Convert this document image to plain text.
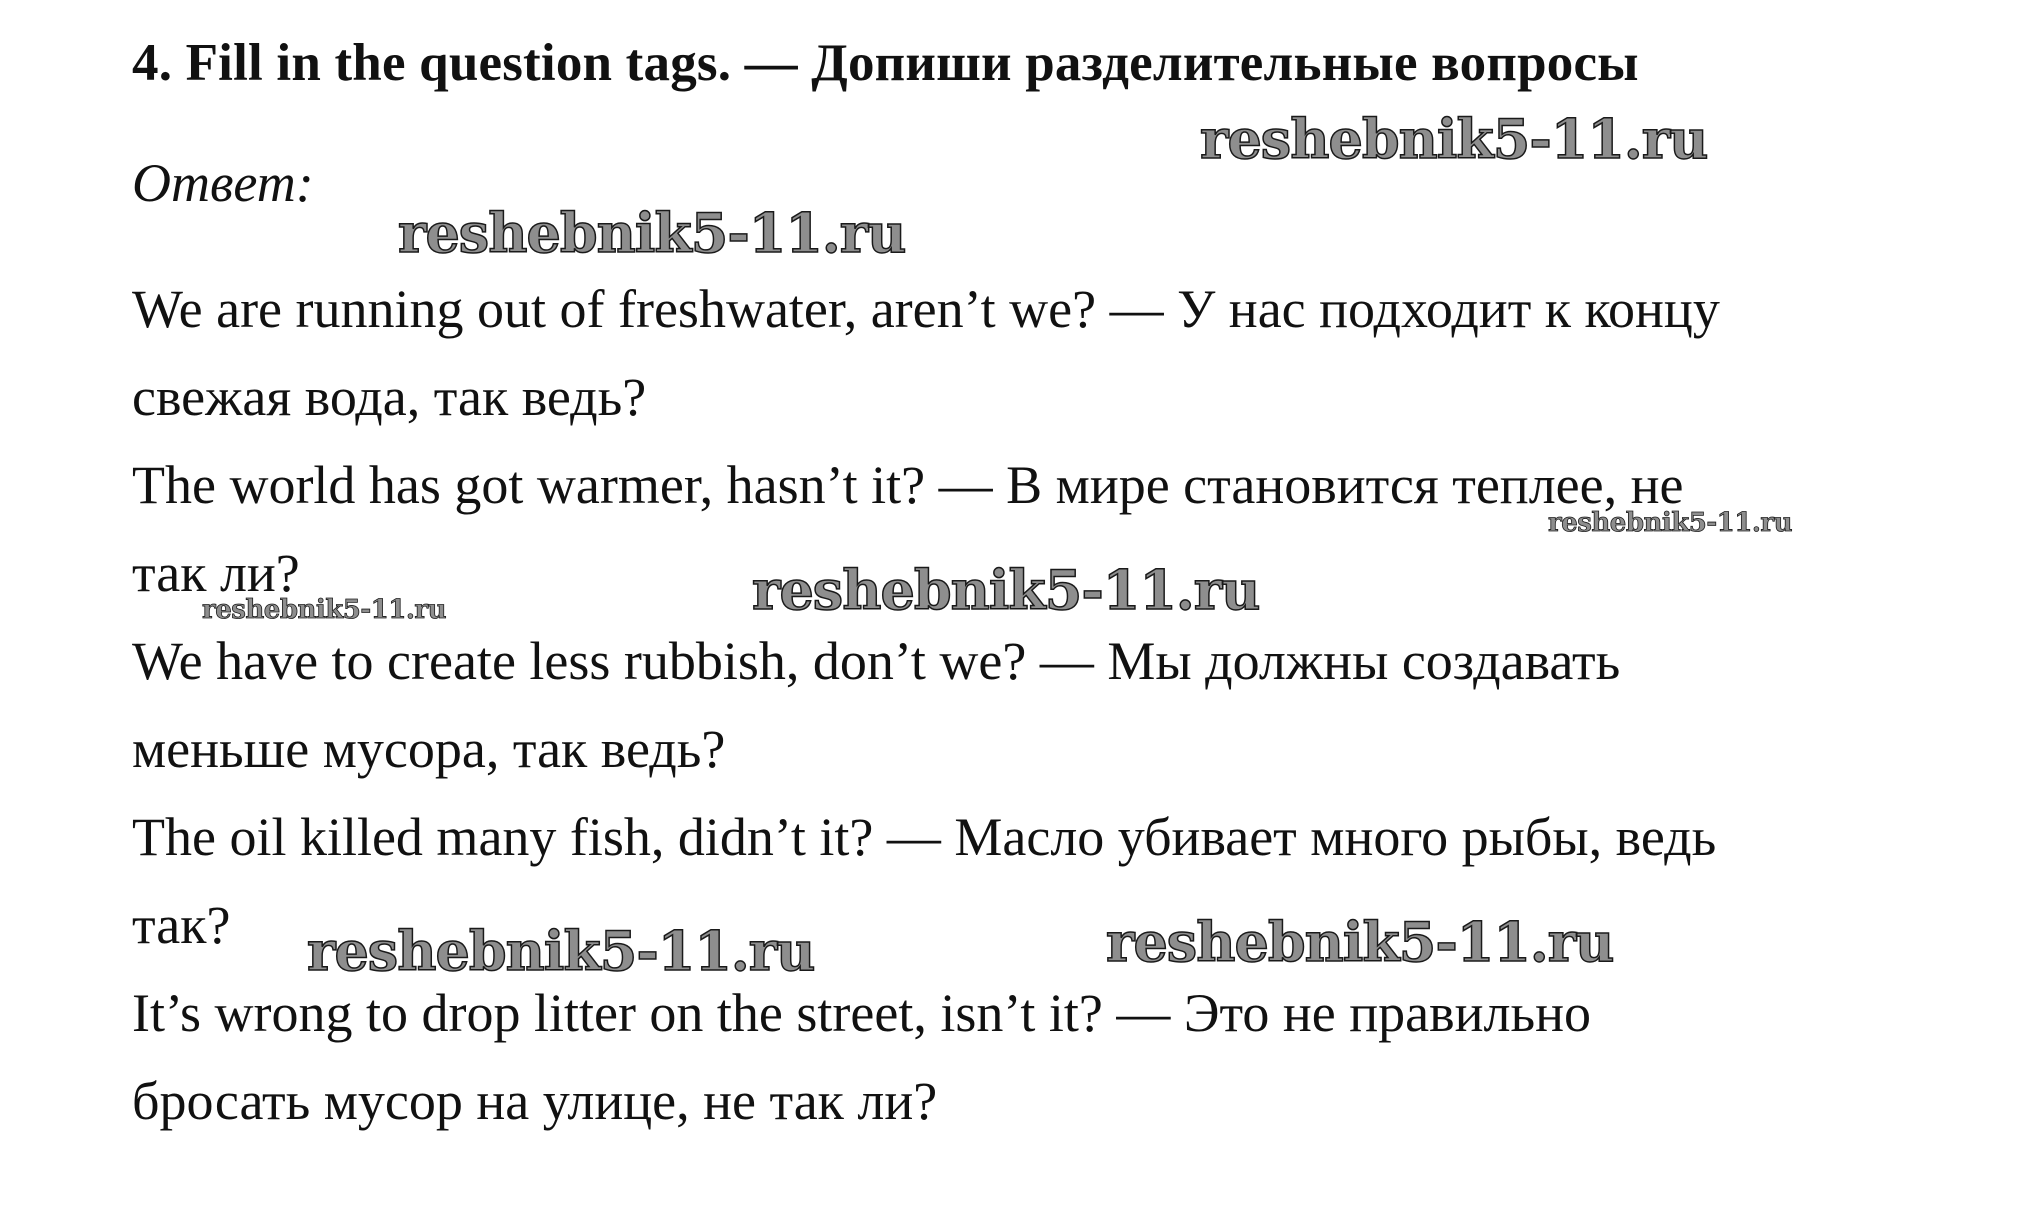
4. Fill in the question tags. — Допиши разделительные вопросы

Ответ:

We are running out of freshwater, aren’t we? — У нас подходит к концу
свежая вода, так ведь?

The world has got warmer, hasn’t it? — В мире становится теплее, не
так ли?

We have to create less rubbish, don’t we? — Мы должны создавать
меньше мусора, так ведь?

The oil killed many fish, didn’t it? — Масло убивает много рыбы, ведь
так?

It’s wrong to drop litter on the street, isn’t it? — Это не правильно
бросать мусор на улице, не так ли?

reshebnik5-11.ru
reshebnik5-11.ru
reshebnik5-11.ru
reshebnik5-11.ru	reshebnik5-11.ru
reshebnik5-11.ru	reshebnik5-11.ru
